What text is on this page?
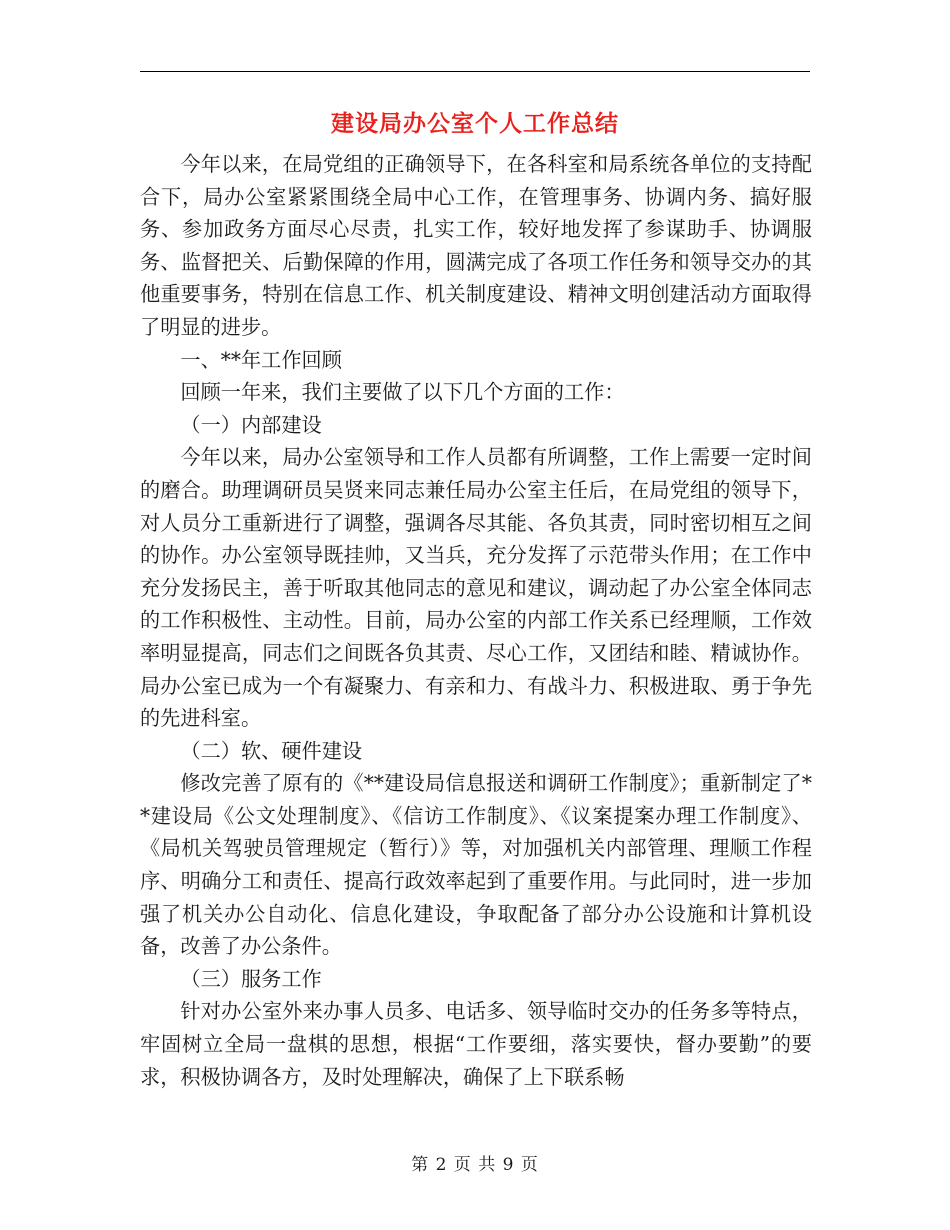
建设局办公室个人工作总结

今年以来，在局党组的正确领导下，在各科室和局系统各单位的支持配合下，局办公室紧紧围绕全局中心工作，在管理事务、协调内务、搞好服务、参加政务方面尽心尽责，扎实工作，较好地发挥了参谋助手、协调服务、监督把关、后勤保障的作用，圆满完成了各项工作任务和领导交办的其他重要事务，特别在信息工作、机关制度建设、精神文明创建活动方面取得了明显的进步。

一、**年工作回顾

回顾一年来，我们主要做了以下几个方面的工作：

（一）内部建设

今年以来，局办公室领导和工作人员都有所调整，工作上需要一定时间的磨合。助理调研员吴贤来同志兼任局办公室主任后，在局党组的领导下，对人员分工重新进行了调整，强调各尽其能、各负其责，同时密切相互之间的协作。办公室领导既挂帅，又当兵，充分发挥了示范带头作用；在工作中充分发扬民主，善于听取其他同志的意见和建议，调动起了办公室全体同志的工作积极性、主动性。目前，局办公室的内部工作关系已经理顺，工作效率明显提高，同志们之间既各负其责、尽心工作，又团结和睦、精诚协作。局办公室已成为一个有凝聚力、有亲和力、有战斗力、积极进取、勇于争先的先进科室。

（二）软、硬件建设

修改完善了原有的《**建设局信息报送和调研工作制度》；重新制定了**建设局《公文处理制度》、《信访工作制度》、《议案提案办理工作制度》、《局机关驾驶员管理规定（暂行）》等，对加强机关内部管理、理顺工作程序、明确分工和责任、提高行政效率起到了重要作用。与此同时，进一步加强了机关办公自动化、信息化建设，争取配备了部分办公设施和计算机设备，改善了办公条件。

（三）服务工作

针对办公室外来办事人员多、电话多、领导临时交办的任务多等特点，牢固树立全局一盘棋的思想，根据“工作要细，落实要快，督办要勤”的要求，积极协调各方，及时处理解决，确保了上下联系畅

第 2 页 共 9 页
